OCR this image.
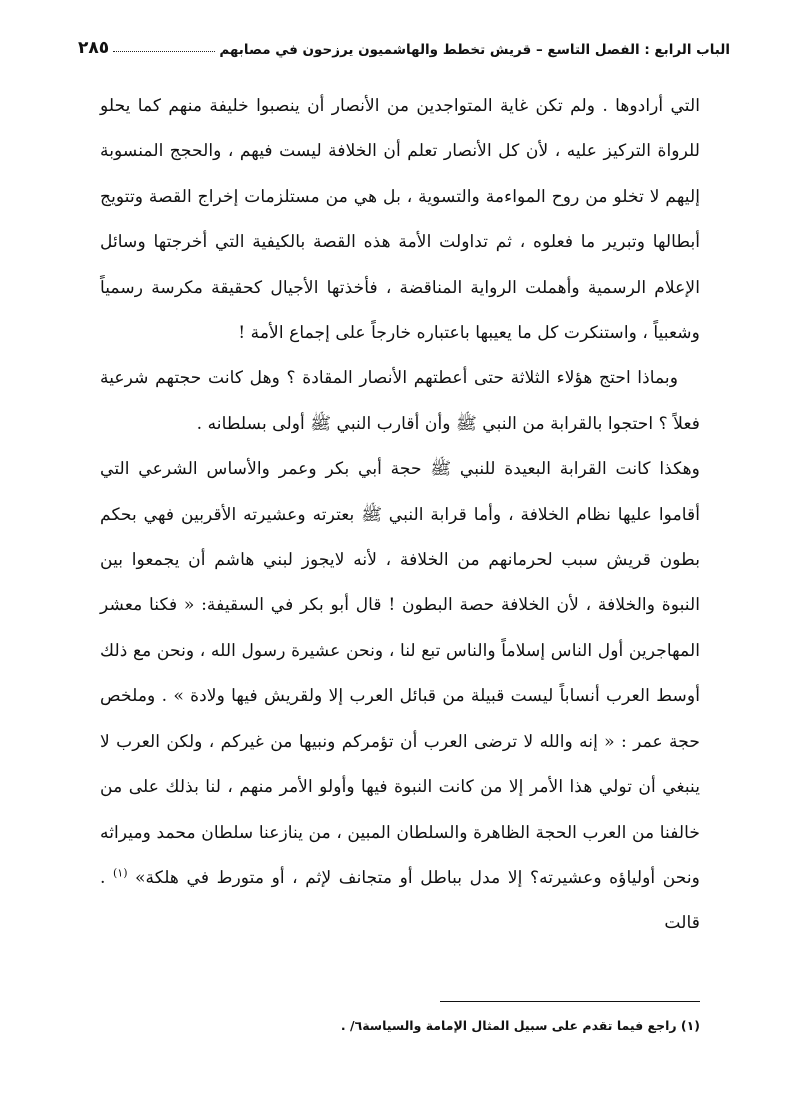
الباب الرابع : الفصل التاسع – قريش تخطط والهاشميون يرزحون في مصابهم
٢٨٥

التي أرادوها . ولم تكن غاية المتواجدين من الأنصار أن ينصبوا خليفة منهم كما يحلو للرواة التركيز عليه ، لأن كل الأنصار تعلم أن الخلافة ليست فيهم ، والحجج المنسوبة إليهم لا تخلو من روح المواءمة والتسوية ، بل هي من مستلزمات إخراج القصة وتتويج أبطالها وتبرير ما فعلوه ، ثم تداولت الأمة هذه القصة بالكيفية التي أخرجتها وسائل الإعلام الرسمية وأهملت الرواية المناقضة ، فأخذتها الأجيال كحقيقة مكرسة رسمياً وشعبياً ، واستنكرت كل ما يعيبها باعتباره خارجاً على إجماع الأمة !

وبماذا احتج هؤلاء الثلاثة حتى أعطتهم الأنصار المقادة ؟ وهل كانت حجتهم شرعية فعلاً ؟ احتجوا بالقرابة من النبي ﷺ وأن أقارب النبي ﷺ أولى بسلطانه .

وهكذا كانت القرابة البعيدة للنبي ﷺ حجة أبي بكر وعمر والأساس الشرعي التي أقاموا عليها نظام الخلافة ، وأما قرابة النبي ﷺ بعترته وعشيرته الأقربين فهي بحكم بطون قريش سبب لحرمانهم من الخلافة ، لأنه لايجوز لبني هاشم أن يجمعوا بين النبوة والخلافة ، لأن الخلافة حصة البطون ! قال أبو بكر في السقيفة: « فكنا معشر المهاجرين أول الناس إسلاماً والناس تبع لنا ، ونحن عشيرة رسول الله ، ونحن مع ذلك أوسط العرب أنساباً ليست قبيلة من قبائل العرب إلا ولقريش فيها ولادة » . وملخص حجة عمر : « إنه والله لا ترضى العرب أن تؤمركم ونبيها من غيركم ، ولكن العرب لا ينبغي أن تولي هذا الأمر إلا من كانت النبوة فيها وأولو الأمر منهم ، لنا بذلك على من خالفنا من العرب الحجة الظاهرة والسلطان المبين ، من ينازعنا سلطان محمد وميراثه ونحن أولياؤه وعشيرته؟ إلا مدل بباطل أو متجانف لإثم ، أو متورط في هلكة» $^{(١)}$ . قالت

(١) راجع فيما تقدم على سبيل المثال الإمامة والسياسة٦/ .
